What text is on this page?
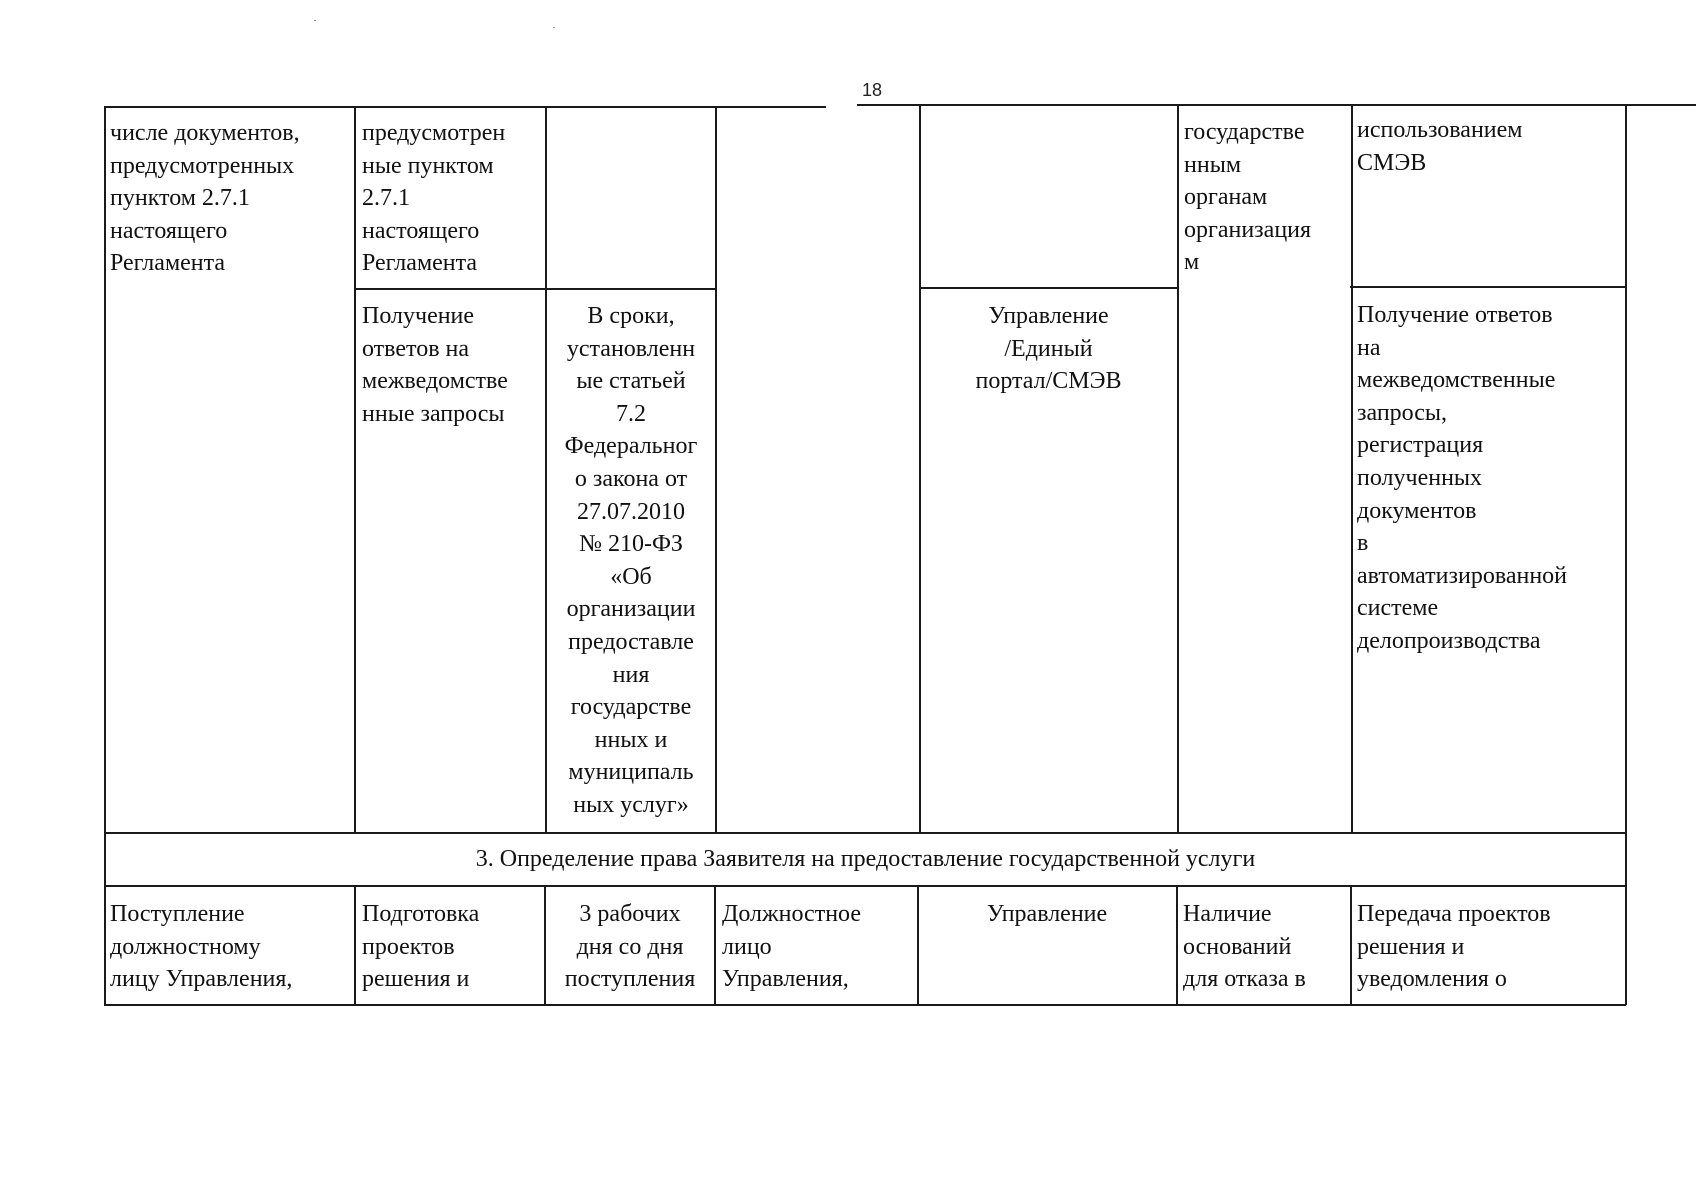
18
числе документов,
предусмотренных
пунктом 2.7.1
настоящего
Регламента
предусмотрен
ные пунктом
2.7.1
настоящего
Регламента
государстве
нным
органам
организация
м
использованием
СМЭВ
Получение
ответов на
межведомстве
нные запросы
В сроки,
установленн
ые статьей
7.2
Федеральног
о закона от
27.07.2010
№ 210-ФЗ
«Об
организации
предоставле
ния
государстве
нных и
муниципаль
ных услуг»
Управление
/Единый
портал/СМЭВ
Получение ответов
на
межведомственные
запросы,
регистрация
полученных
документов
в
автоматизированной
системе
делопроизводства
3. Определение права Заявителя на предоставление государственной услуги
Поступление
должностному
лицу Управления,
Подготовка
проектов
решения и
3 рабочих
дня со дня
поступления
Должностное
лицо
Управления,
Управление	Наличие
оснований
для отказа в
Передача проектов
решения и
уведомления о
